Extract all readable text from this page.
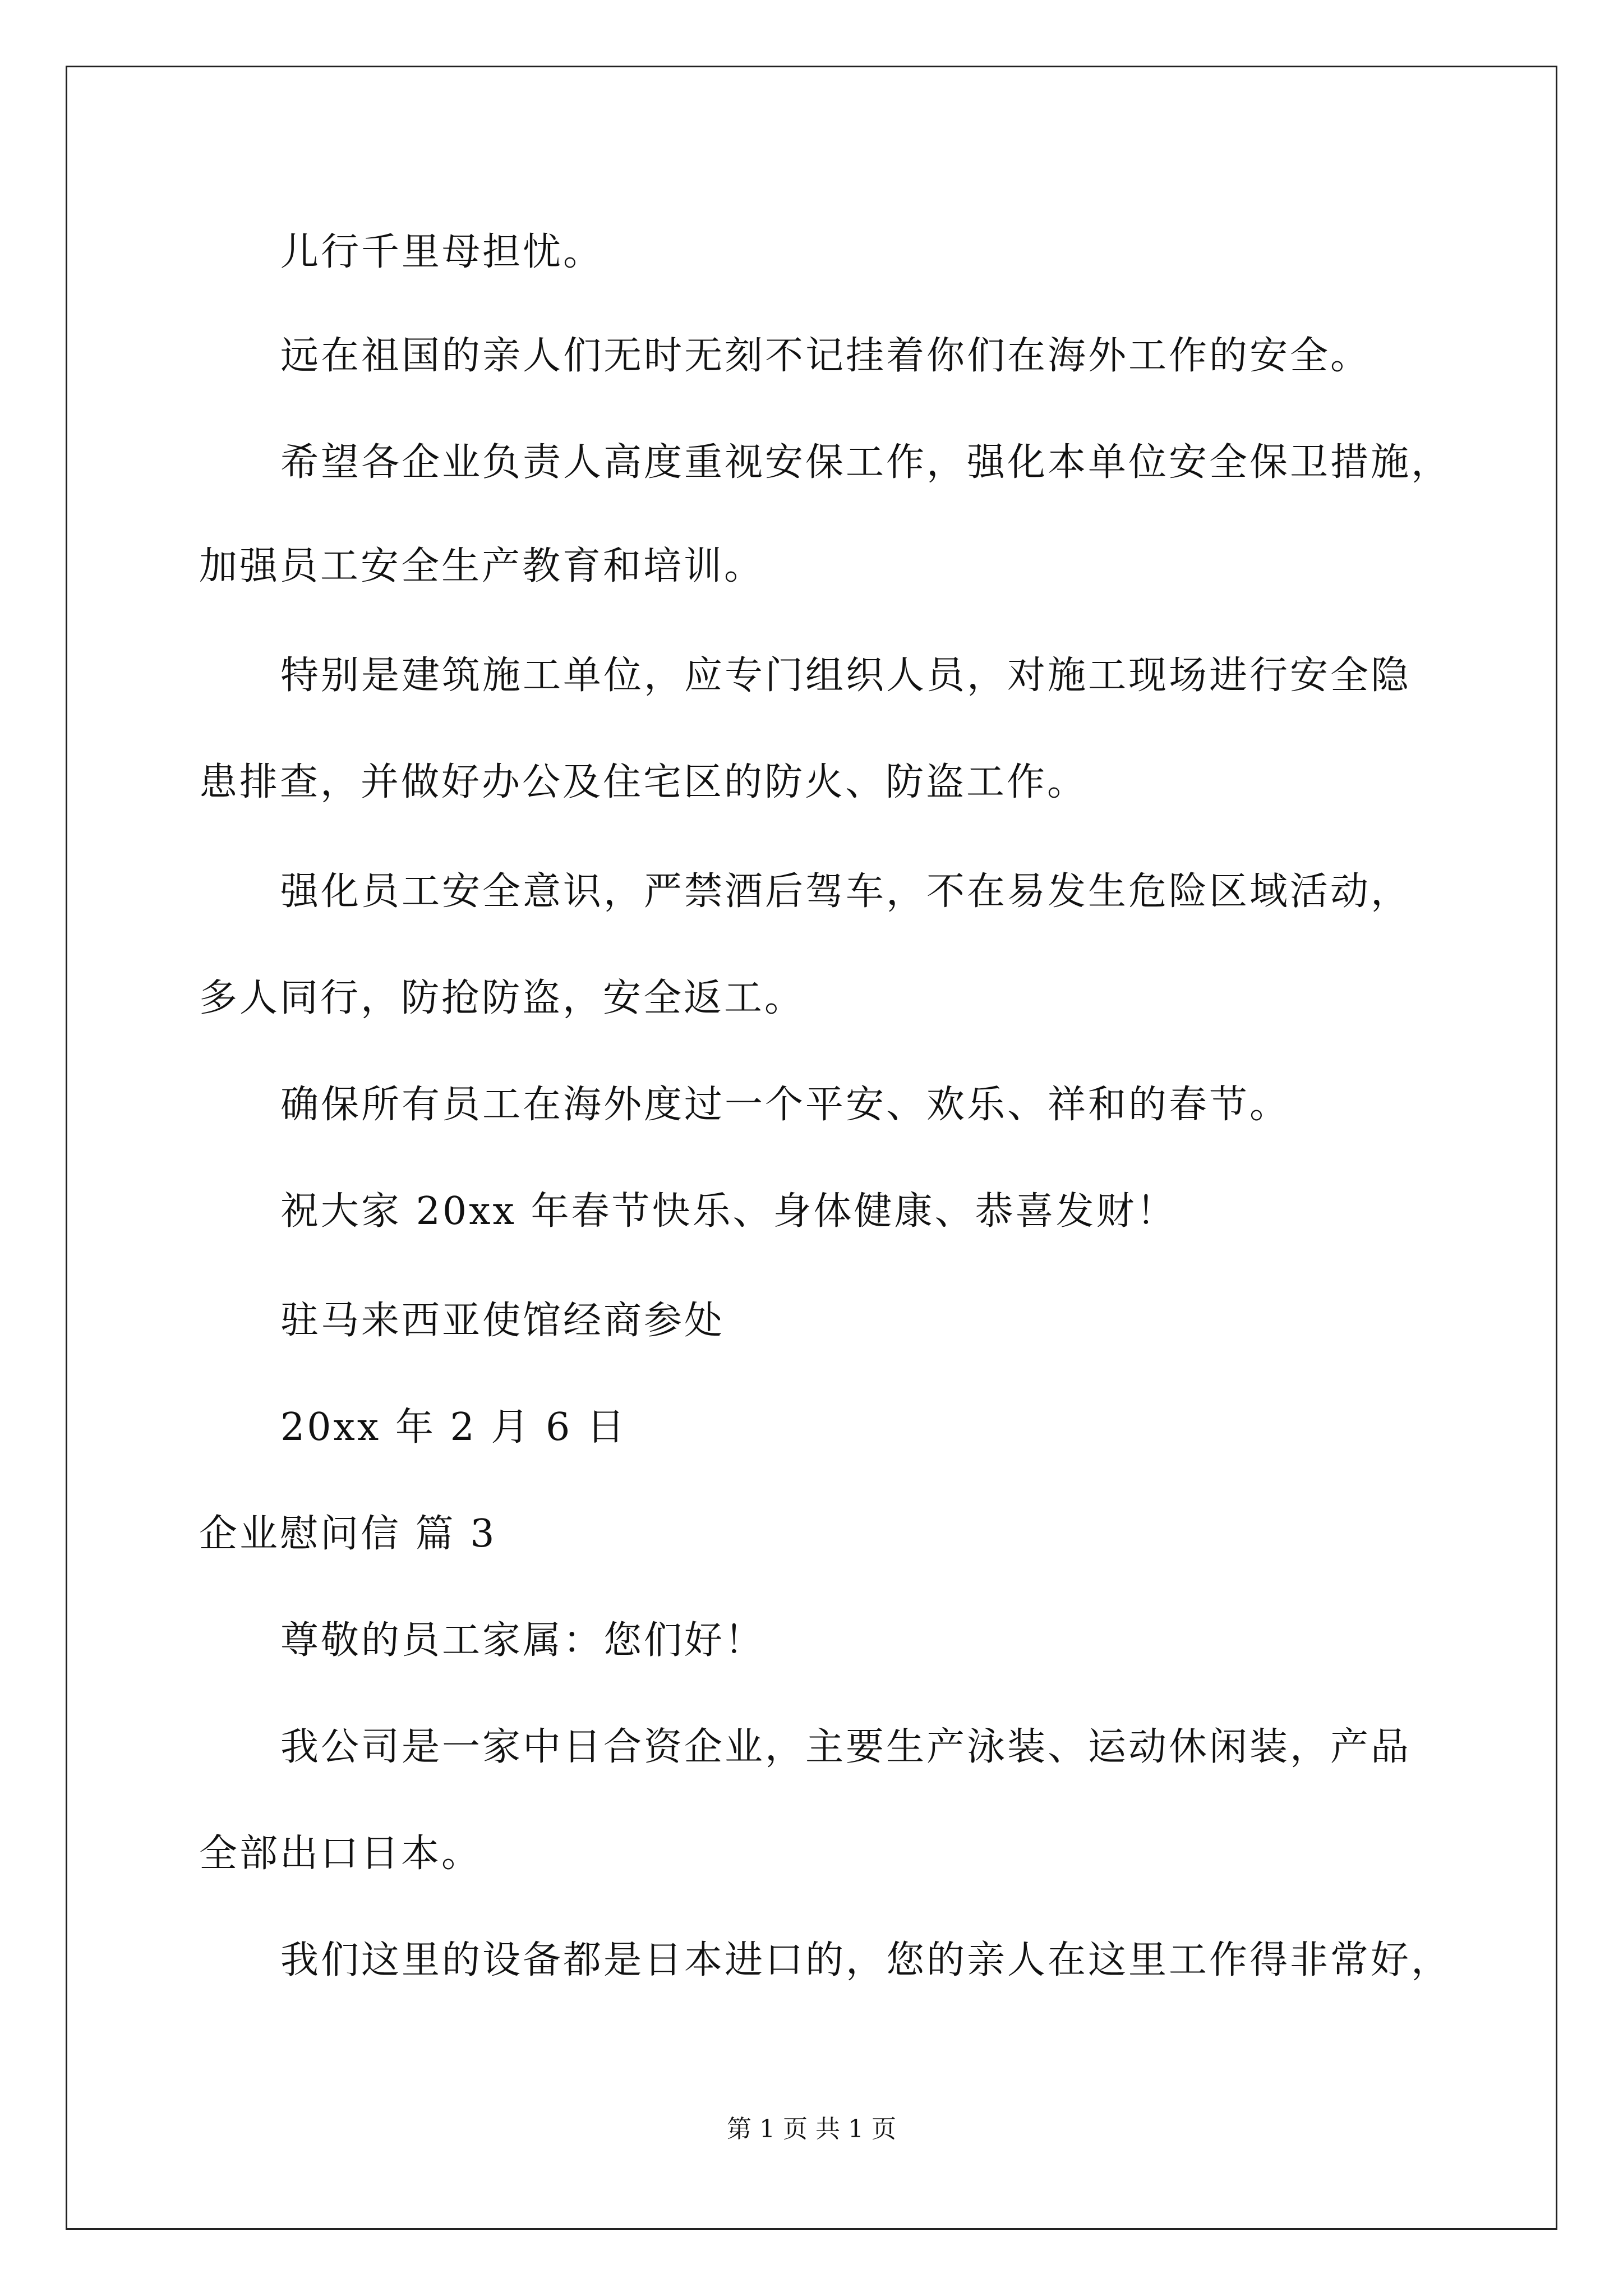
儿行千里母担忧。
远在祖国的亲人们无时无刻不记挂着你们在海外工作的安全。
希望各企业负责人高度重视安保工作，强化本单位安全保卫措施，
加强员工安全生产教育和培训。
特别是建筑施工单位，应专门组织人员，对施工现场进行安全隐
患排查，并做好办公及住宅区的防火、防盗工作。
强化员工安全意识，严禁酒后驾车，不在易发生危险区域活动，
多人同行，防抢防盗，安全返工。
确保所有员工在海外度过一个平安、欢乐、祥和的春节。
祝大家 20xx 年春节快乐、身体健康、恭喜发财！
驻马来西亚使馆经商参处
20xx 年 2 月 6 日
企业慰问信 篇 3
尊敬的员工家属：您们好！
我公司是一家中日合资企业，主要生产泳装、运动休闲装，产品
全部出口日本。
我们这里的设备都是日本进口的，您的亲人在这里工作得非常好，
第 1 页 共 1 页
